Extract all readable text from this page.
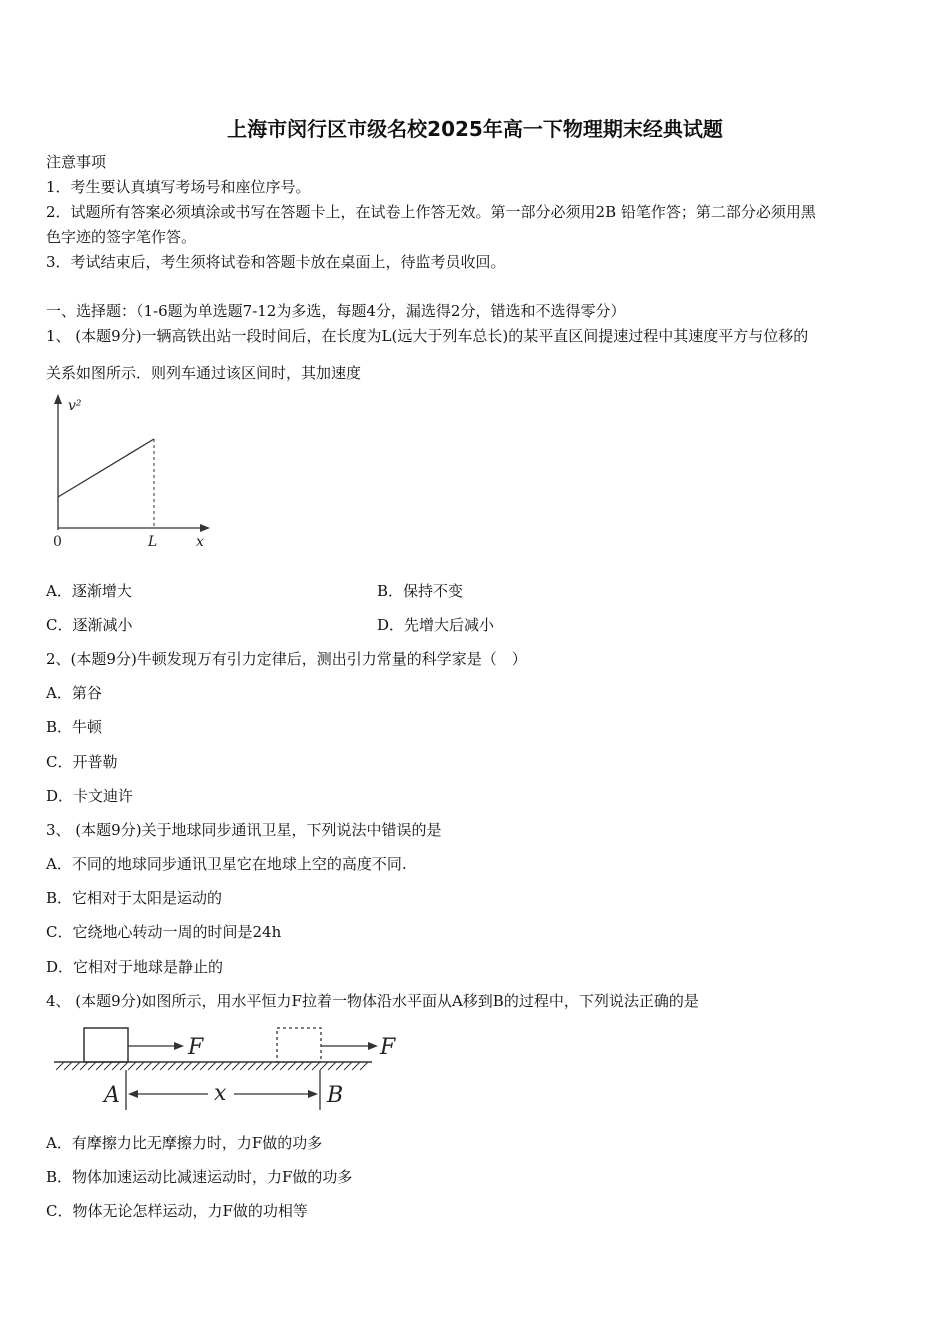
上海市闵行区市级名校2025年高一下物理期末经典试题
注意事项
1．考生要认真填写考场号和座位序号。
2．试题所有答案必须填涂或书写在答题卡上，在试卷上作答无效。第一部分必须用2B 铅笔作答；第二部分必须用黑
色字迹的签字笔作答。
3．考试结束后，考生须将试卷和答题卡放在桌面上，待监考员收回。
一、选择题：（1-6题为单选题7-12为多选，每题4分，漏选得2分，错选和不选得零分）
1、 (本题9分)一辆高铁出站一段时间后，在长度为L(远大于列车总长)的某平直区间提速过程中其速度平方与位移的
关系如图所示．则列车通过该区间时，其加速度
v²
0	L	x
A．逐渐增大	B．保持不变
C．逐渐减小	D．先增大后减小
2、(本题9分)牛顿发现万有引力定律后，测出引力常量的科学家是（　）
A．第谷
B．牛顿
C．开普勒
D．卡文迪许
3、 (本题9分)关于地球同步通讯卫星，下列说法中错误的是
A．不同的地球同步通讯卫星它在地球上空的高度不同.
B．它相对于太阳是运动的
C．它绕地心转动一周的时间是24h
D．它相对于地球是静止的
4、 (本题9分)如图所示，用水平恒力F拉着一物体沿水平面从A移到B的过程中，下列说法正确的是
F	F
A	B
x
A．有摩擦力比无摩擦力时，力F做的功多
B．物体加速运动比减速运动时，力F做的功多
C．物体无论怎样运动，力F做的功相等
